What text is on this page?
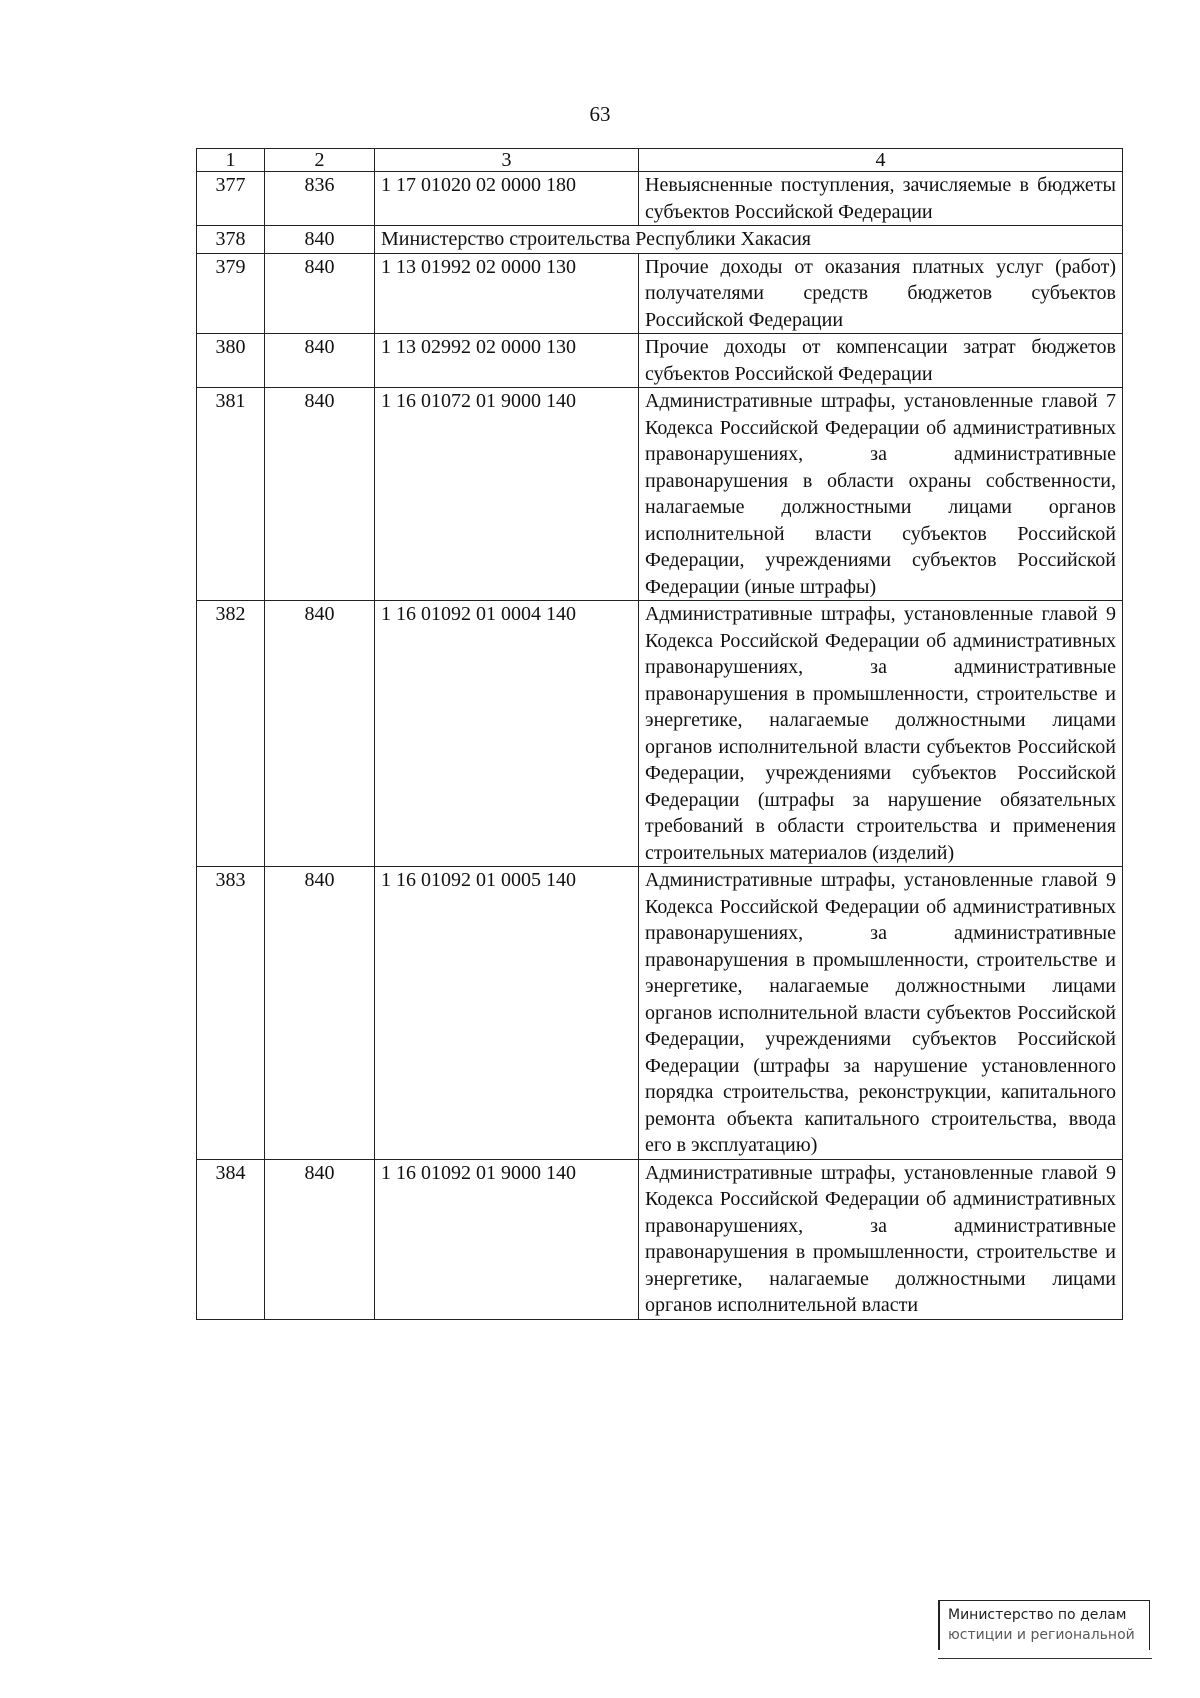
63
1	2	3	4
377	836	1 17 01020 02 0000 180	Невыясненные поступления, зачисляемые в бюджеты субъектов Российской Федерации
378	840	Министерство строительства Республики Хакасия	
379	840	1 13 01992 02 0000 130	Прочие доходы от оказания платных услуг (работ) получателями средств бюджетов субъектов Российской Федерации
380	840	1 13 02992 02 0000 130	Прочие доходы от компенсации затрат бюджетов субъектов Российской Федерации
381	840	1 16 01072 01 9000 140	Административные штрафы, установленные главой 7 Кодекса Российской Федерации об административных правонарушениях, за административные правонарушения в области охраны собственности, налагаемые должностными лицами органов исполнительной власти субъектов Российской Федерации, учреждениями субъектов Российской Федерации (иные штрафы)
382	840	1 16 01092 01 0004 140	Административные штрафы, установленные главой 9 Кодекса Российской Федерации об административных правонарушениях, за административные правонарушения в промышленности, строительстве и энергетике, налагаемые должностными лицами органов исполнительной власти субъектов Российской Федерации, учреждениями субъектов Российской Федерации (штрафы за нарушение обязательных требований в области строительства и применения строительных материалов (изделий)
383	840	1 16 01092 01 0005 140	Административные штрафы, установленные главой 9 Кодекса Российской Федерации об административных правонарушениях, за административные правонарушения в промышленности, строительстве и энергетике, налагаемые должностными лицами органов исполнительной власти субъектов Российской Федерации, учреждениями субъектов Российской Федерации (штрафы за нарушение установленного порядка строительства, реконструкции, капитального ремонта объекта капитального строительства, ввода его в эксплуатацию)
384	840	1 16 01092 01 9000 140	Административные штрафы, установленные главой 9 Кодекса Российской Федерации об административных правонарушениях, за административные правонарушения в промышленности, строительстве и энергетике, налагаемые должностными лицами органов исполнительной власти
Министерство по делам
юстиции и региональной
